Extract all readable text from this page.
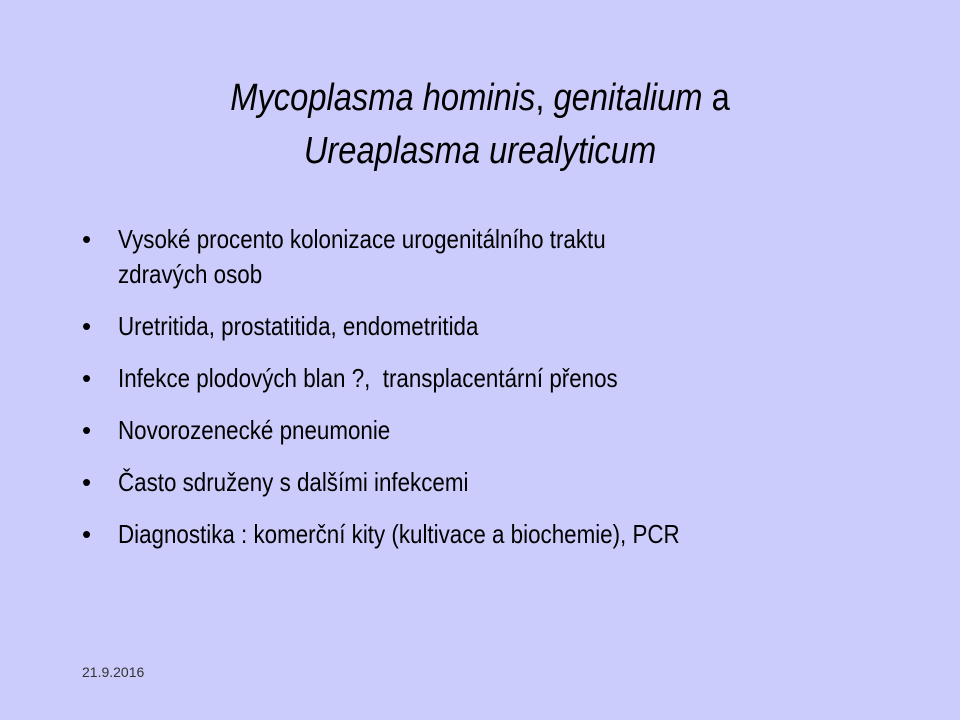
Mycoplasma hominis, genitalium a
Ureaplasma urealyticum
• Vysoké procento kolonizace urogenitálního traktu zdravých osob
• Uretritida, prostatitida, endometritida
• Infekce plodových blan ?,  transplacentární přenos
• Novorozenecké pneumonie
• Často sdruženy s dalšími infekcemi
• Diagnostika : komerční kity (kultivace a biochemie), PCR
21.9.2016
